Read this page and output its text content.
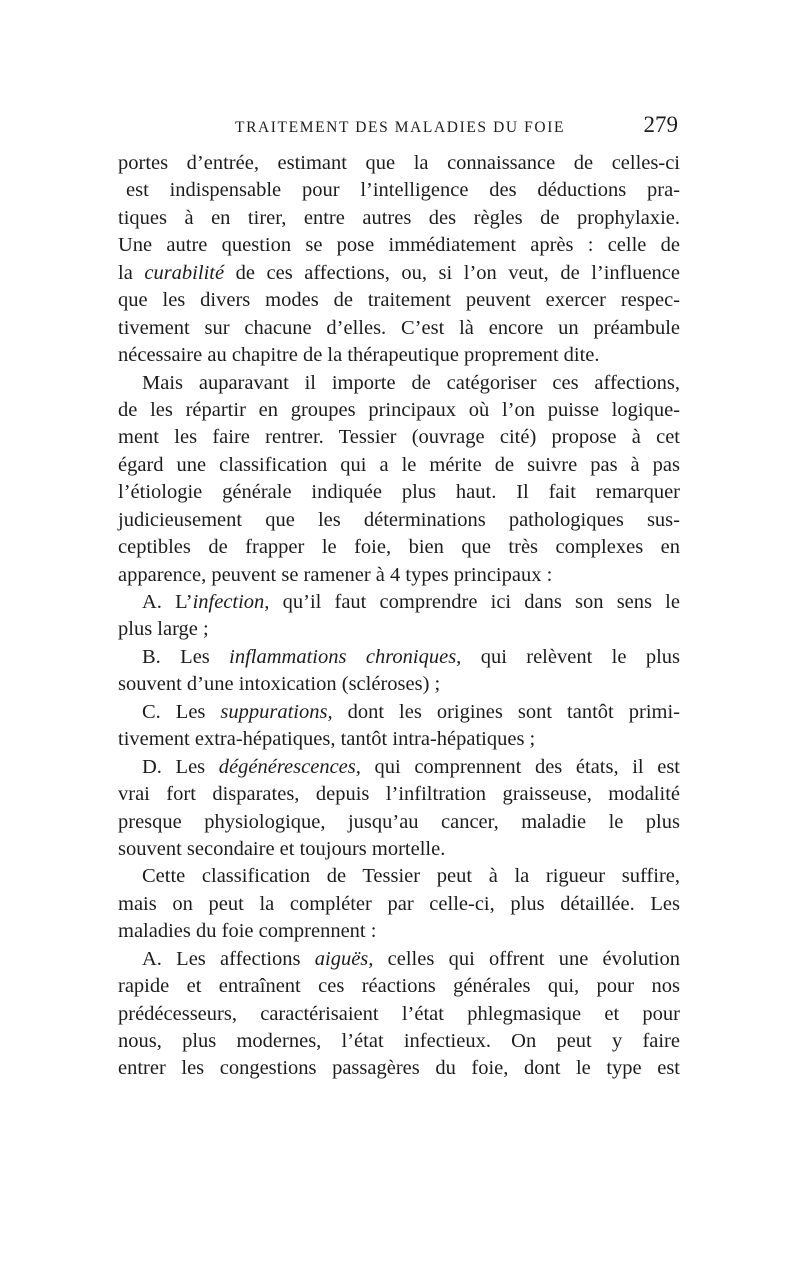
TRAITEMENT DES MALADIES DU FOIE	279
portes d’entrée, estimant que la connaissance de celles-ci
est indispensable pour l’intelligence des déductions pra-
tiques à en tirer, entre autres des règles de prophylaxie.
Une autre question se pose immédiatement après : celle de
la curabilité de ces affections, ou, si l’on veut, de l’influence
que les divers modes de traitement peuvent exercer respec-
tivement sur chacune d’elles. C’est là encore un préambule
nécessaire au chapitre de la thérapeutique proprement dite.
Mais auparavant il importe de catégoriser ces affections,
de les répartir en groupes principaux où l’on puisse logique-
ment les faire rentrer. Tessier (ouvrage cité) propose à cet
égard une classification qui a le mérite de suivre pas à pas
l’étiologie générale indiquée plus haut. Il fait remarquer
judicieusement que les déterminations pathologiques sus-
ceptibles de frapper le foie, bien que très complexes en
apparence, peuvent se ramener à 4 types principaux :
A. L’infection, qu’il faut comprendre ici dans son sens le
plus large ;
B. Les inflammations chroniques, qui relèvent le plus
souvent d’une intoxication (scléroses) ;
C. Les suppurations, dont les origines sont tantôt primi-
tivement extra-hépatiques, tantôt intra-hépatiques ;
D. Les dégénérescences, qui comprennent des états, il est
vrai fort disparates, depuis l’infiltration graisseuse, modalité
presque physiologique, jusqu’au cancer, maladie le plus
souvent secondaire et toujours mortelle.
Cette classification de Tessier peut à la rigueur suffire,
mais on peut la compléter par celle-ci, plus détaillée. Les
maladies du foie comprennent :
A. Les affections aiguës, celles qui offrent une évolution
rapide et entraînent ces réactions générales qui, pour nos
prédécesseurs, caractérisaient l’état phlegmasique et pour
nous, plus modernes, l’état infectieux. On peut y faire
entrer les congestions passagères du foie, dont le type est
